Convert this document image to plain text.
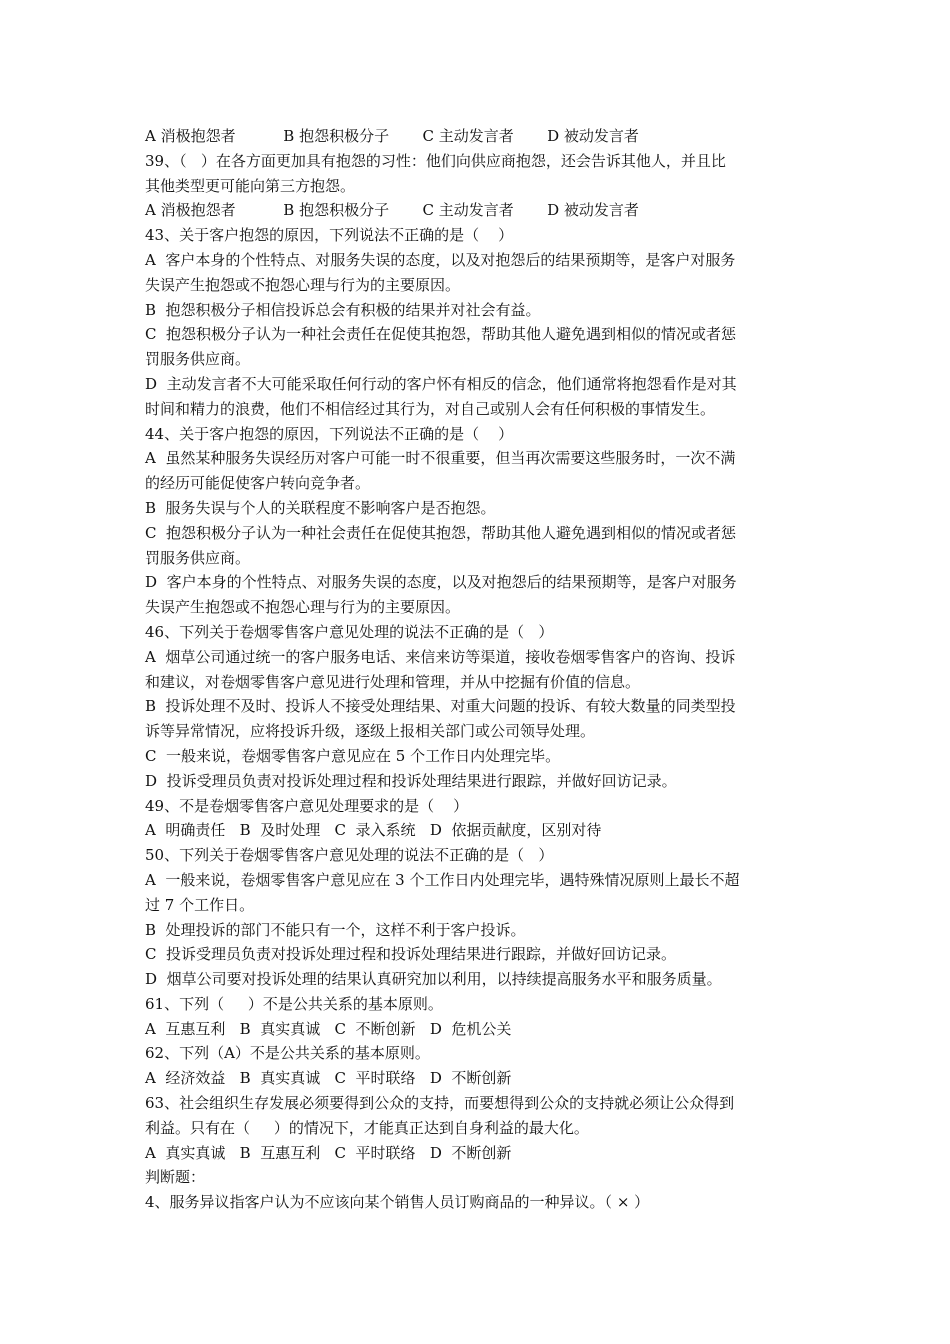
A 消极抱怨者          B 抱怨积极分子       C 主动发言者       D 被动发言者

39、（   ）在各方面更加具有抱怨的习性：他们向供应商抱怨，还会告诉其他人，并且比

其他类型更可能向第三方抱怨。

A 消极抱怨者          B 抱怨积极分子       C 主动发言者       D 被动发言者

43、关于客户抱怨的原因，下列说法不正确的是（    ）

A  客户本身的个性特点、对服务失误的态度，以及对抱怨后的结果预期等，是客户对服务

失误产生抱怨或不抱怨心理与行为的主要原因。

B  抱怨积极分子相信投诉总会有积极的结果并对社会有益。

C  抱怨积极分子认为一种社会责任在促使其抱怨，帮助其他人避免遇到相似的情况或者惩

罚服务供应商。

D  主动发言者不大可能采取任何行动的客户怀有相反的信念，他们通常将抱怨看作是对其

时间和精力的浪费，他们不相信经过其行为，对自己或别人会有任何积极的事情发生。

44、关于客户抱怨的原因，下列说法不正确的是（    ）

A  虽然某种服务失误经历对客户可能一时不很重要，但当再次需要这些服务时，一次不满

的经历可能促使客户转向竞争者。

B  服务失误与个人的关联程度不影响客户是否抱怨。

C  抱怨积极分子认为一种社会责任在促使其抱怨，帮助其他人避免遇到相似的情况或者惩

罚服务供应商。

D  客户本身的个性特点、对服务失误的态度，以及对抱怨后的结果预期等，是客户对服务

失误产生抱怨或不抱怨心理与行为的主要原因。

46、下列关于卷烟零售客户意见处理的说法不正确的是（   ）

A  烟草公司通过统一的客户服务电话、来信来访等渠道，接收卷烟零售客户的咨询、投诉

和建议，对卷烟零售客户意见进行处理和管理，并从中挖掘有价值的信息。

B  投诉处理不及时、投诉人不接受处理结果、对重大问题的投诉、有较大数量的同类型投

诉等异常情况，应将投诉升级，逐级上报相关部门或公司领导处理。

C  一般来说，卷烟零售客户意见应在 5 个工作日内处理完毕。

D  投诉受理员负责对投诉处理过程和投诉处理结果进行跟踪，并做好回访记录。

49、不是卷烟零售客户意见处理要求的是（    ）

A  明确责任   B  及时处理   C  录入系统   D  依据贡献度，区别对待

50、下列关于卷烟零售客户意见处理的说法不正确的是（   ）

A  一般来说，卷烟零售客户意见应在 3 个工作日内处理完毕，遇特殊情况原则上最长不超

过 7 个工作日。

B  处理投诉的部门不能只有一个，这样不利于客户投诉。

C  投诉受理员负责对投诉处理过程和投诉处理结果进行跟踪，并做好回访记录。

D  烟草公司要对投诉处理的结果认真研究加以利用，以持续提高服务水平和服务质量。

61、下列（     ）不是公共关系的基本原则。

A  互惠互利   B  真实真诚   C  不断创新   D  危机公关

62、下列（A）不是公共关系的基本原则。

A  经济效益   B  真实真诚   C  平时联络   D  不断创新

63、社会组织生存发展必须要得到公众的支持，而要想得到公众的支持就必须让公众得到

利益。只有在（     ）的情况下，才能真正达到自身利益的最大化。

A  真实真诚   B  互惠互利   C  平时联络   D  不断创新

判断题：

4、服务异议指客户认为不应该向某个销售人员订购商品的一种异议。（ × ）
